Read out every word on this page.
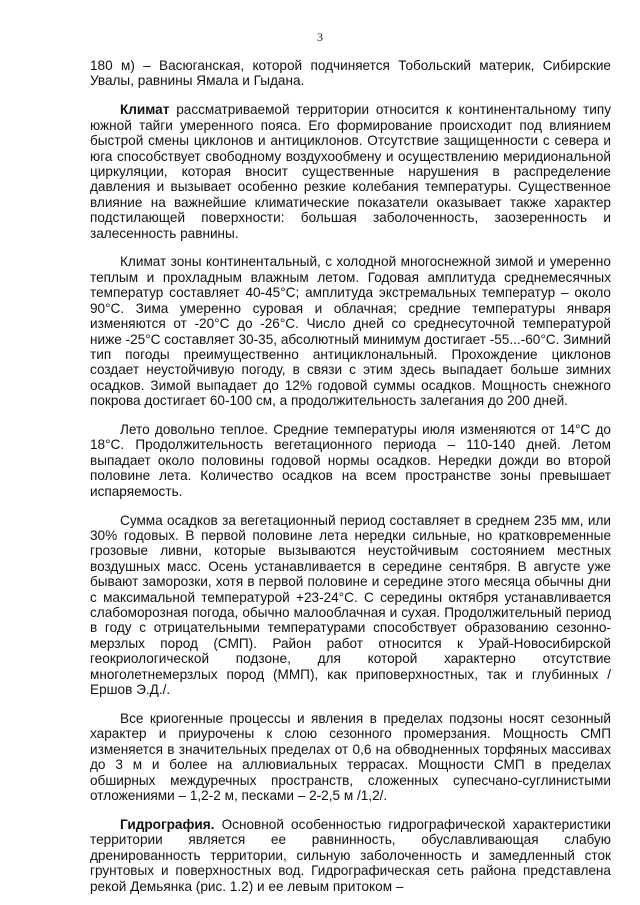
3

180 м) – Васюганская, которой подчиняется Тобольский материк, Сибирские Увалы, равнины Ямала и Гыдана.

Климат рассматриваемой территории относится к континентальному типу южной тайги умеренного пояса. Его формирование происходит под влиянием быстрой смены циклонов и антициклонов. Отсутствие защищенности с севера и юга способствует свободному воздухообмену и осуществлению меридиональной циркуляции, которая вносит существенные нарушения в распределение давления и вызывает особенно резкие колебания температуры. Существенное влияние на важнейшие климатические показатели оказывает также характер подстилающей поверхности: большая заболоченность, заозеренность и залесенность равнины.

Климат зоны континентальный, с холодной многоснежной зимой и умеренно теплым и прохладным влажным летом. Годовая амплитуда среднемесячных температур составляет 40-45°С; амплитуда экстремальных температур – около 90°С. Зима умеренно суровая и облачная; средние температуры января изменяются от -20°С до -26°С. Число дней со среднесуточной температурой ниже -25°С составляет 30-35, абсолютный минимум достигает -55...-60°С. Зимний тип погоды преимущественно антициклональный. Прохождение циклонов создает неустойчивую погоду, в связи с этим здесь выпадает больше зимних осадков. Зимой выпадает до 12% годовой суммы осадков. Мощность снежного покрова достигает 60-100 см, а продолжительность залегания до 200 дней.

Лето довольно теплое. Средние температуры июля изменяются от 14°С до 18°С. Продолжительность вегетационного периода – 110-140 дней. Летом выпадает около половины годовой нормы осадков. Нередки дожди во второй половине лета. Количество осадков на всем пространстве зоны превышает испаряемость.

Сумма осадков за вегетационный период составляет в среднем 235 мм, или 30% годовых. В первой половине лета нередки сильные, но кратковременные грозовые ливни, которые вызываются неустойчивым состоянием местных воздушных масс. Осень устанавливается в середине сентября. В августе уже бывают заморозки, хотя в первой половине и середине этого месяца обычны дни с максимальной температурой +23-24°С. С середины октября устанавливается слабоморозная погода, обычно малооблачная и сухая. Продолжительный период в году с отрицательными температурами способствует образованию сезонно-мерзлых пород (СМП). Район работ относится к Урай-Новосибирской геокриологической подзоне, для которой характерно отсутствие многолетнемерзлых пород (ММП), как приповерхностных, так и глубинных /Ершов Э.Д./.

Все криогенные процессы и явления в пределах подзоны носят сезонный характер и приурочены к слою сезонного промерзания. Мощность СМП изменяется в значительных пределах от 0,6 на обводненных торфяных массивах до 3 м и более на аллювиальных террасах. Мощности СМП в пределах обширных междуречных пространств, сложенных супесчано-суглинистыми отложениями – 1,2-2 м, песками – 2-2,5 м /1,2/.

Гидрография. Основной особенностью гидрографической характеристики территории является ее равнинность, обуславливающая слабую дренированность территории, сильную заболоченность и замедленный сток грунтовых и поверхностных вод. Гидрографическая сеть района представлена рекой Демьянка (рис. 1.2) и ее левым притоком –
